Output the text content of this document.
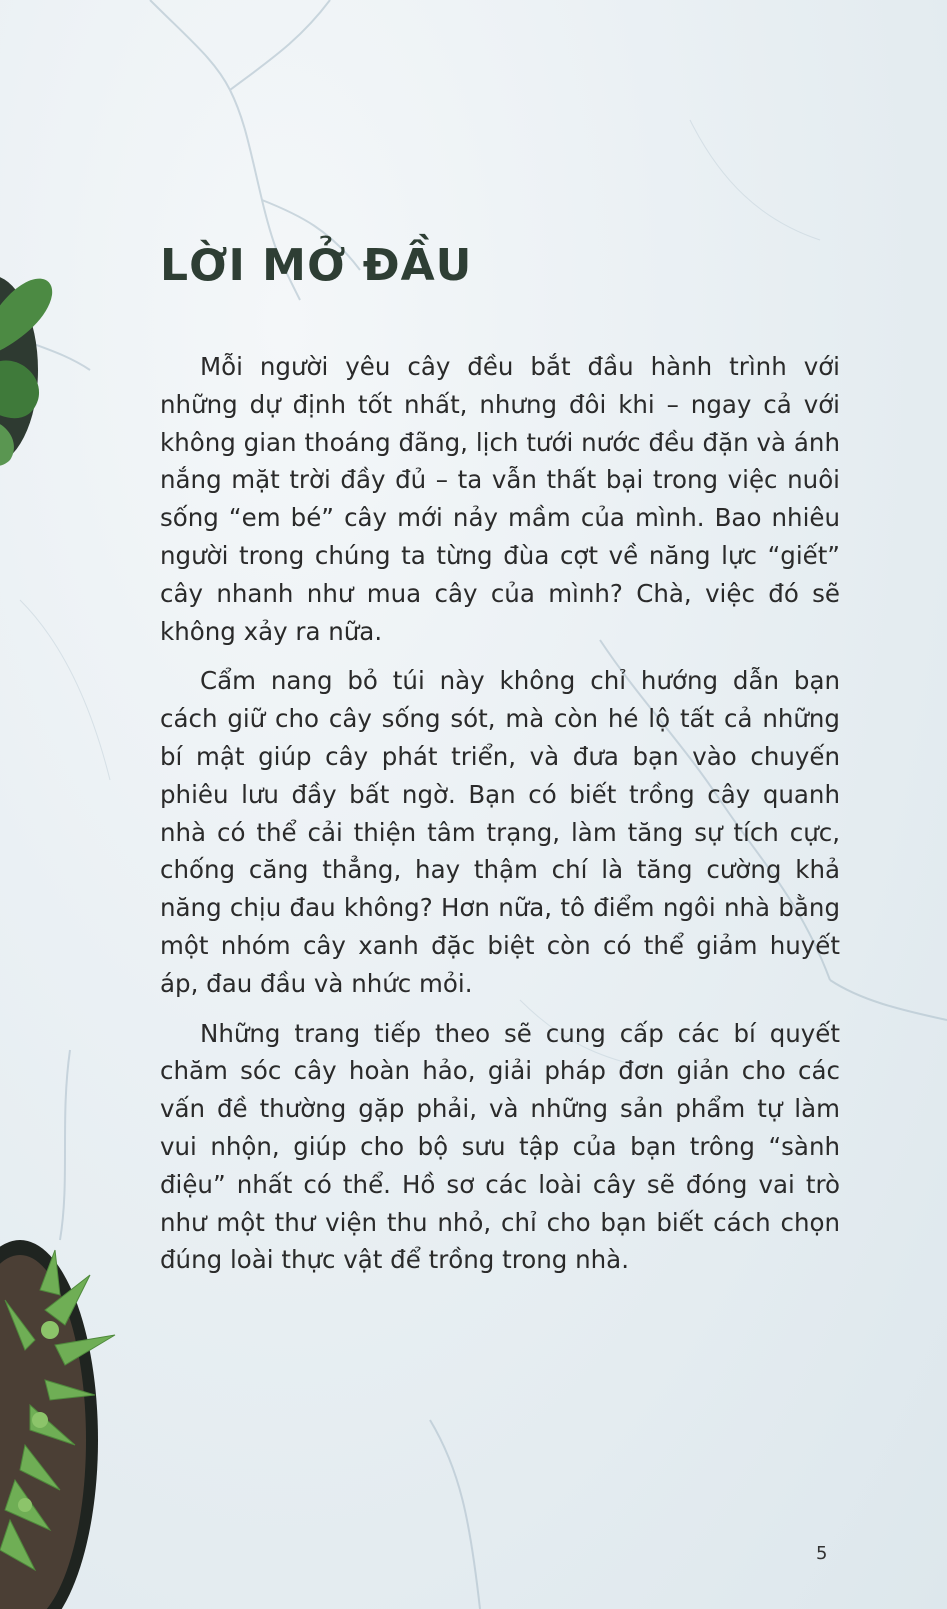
LỜI MỞ ĐẦU

Mỗi người yêu cây đều bắt đầu hành trình với những dự định tốt nhất, nhưng đôi khi – ngay cả với không gian thoáng đãng, lịch tưới nước đều đặn và ánh nắng mặt trời đầy đủ – ta vẫn thất bại trong việc nuôi sống “em bé” cây mới nảy mầm của mình. Bao nhiêu người trong chúng ta từng đùa cợt về năng lực “giết” cây nhanh như mua cây của mình? Chà, việc đó sẽ không xảy ra nữa.

Cẩm nang bỏ túi này không chỉ hướng dẫn bạn cách giữ cho cây sống sót, mà còn hé lộ tất cả những bí mật giúp cây phát triển, và đưa bạn vào chuyến phiêu lưu đầy bất ngờ. Bạn có biết trồng cây quanh nhà có thể cải thiện tâm trạng, làm tăng sự tích cực, chống căng thẳng, hay thậm chí là tăng cường khả năng chịu đau không? Hơn nữa, tô điểm ngôi nhà bằng một nhóm cây xanh đặc biệt còn có thể giảm huyết áp, đau đầu và nhức mỏi.

Những trang tiếp theo sẽ cung cấp các bí quyết chăm sóc cây hoàn hảo, giải pháp đơn giản cho các vấn đề thường gặp phải, và những sản phẩm tự làm vui nhộn, giúp cho bộ sưu tập của bạn trông “sành điệu” nhất có thể. Hồ sơ các loài cây sẽ đóng vai trò như một thư viện thu nhỏ, chỉ cho bạn biết cách chọn đúng loài thực vật để trồng trong nhà.

5
